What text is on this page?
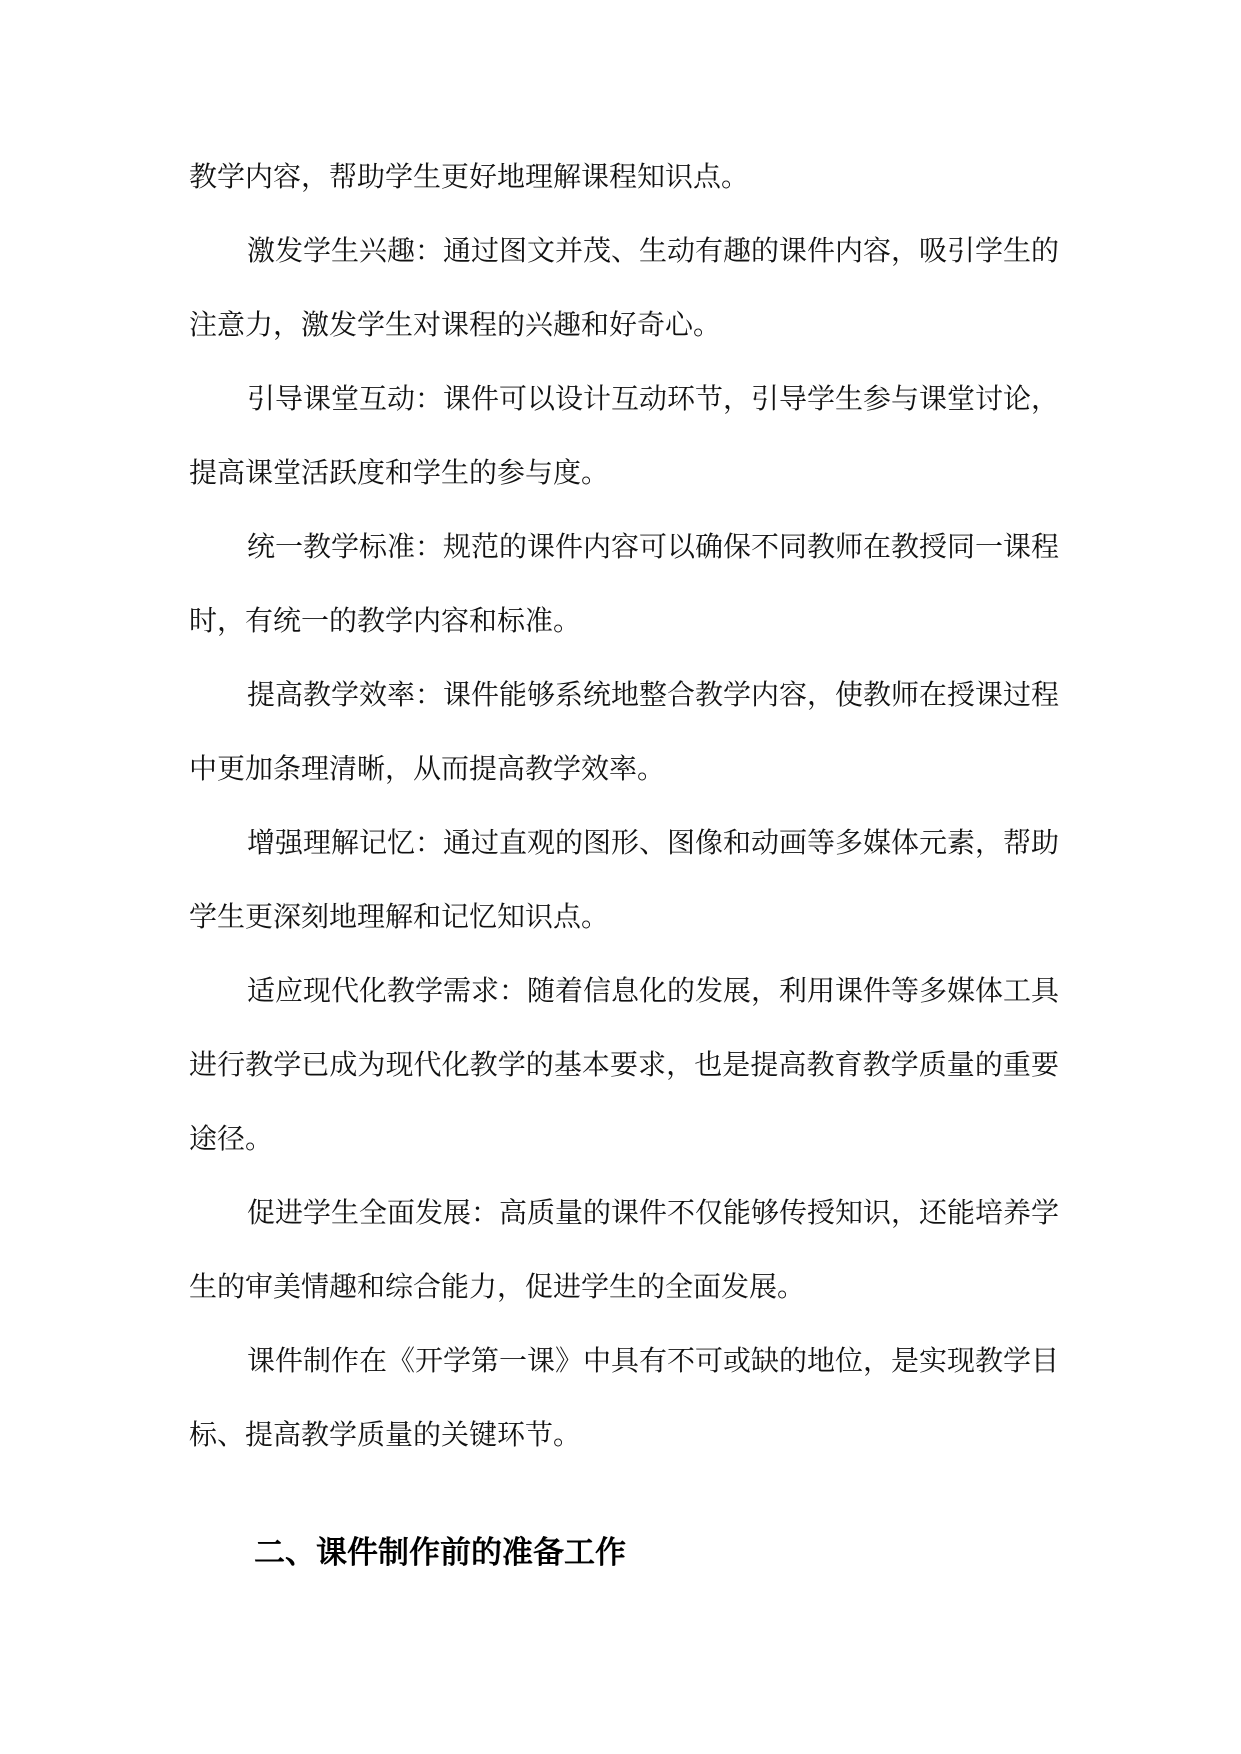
教学内容，帮助学生更好地理解课程知识点。

激发学生兴趣：通过图文并茂、生动有趣的课件内容，吸引学生的注意力，激发学生对课程的兴趣和好奇心。

引导课堂互动：课件可以设计互动环节，引导学生参与课堂讨论，提高课堂活跃度和学生的参与度。

统一教学标准：规范的课件内容可以确保不同教师在教授同一课程时，有统一的教学内容和标准。

提高教学效率：课件能够系统地整合教学内容，使教师在授课过程中更加条理清晰，从而提高教学效率。

增强理解记忆：通过直观的图形、图像和动画等多媒体元素，帮助学生更深刻地理解和记忆知识点。

适应现代化教学需求：随着信息化的发展，利用课件等多媒体工具进行教学已成为现代化教学的基本要求，也是提高教育教学质量的重要途径。

促进学生全面发展：高质量的课件不仅能够传授知识，还能培养学生的审美情趣和综合能力，促进学生的全面发展。

课件制作在《开学第一课》中具有不可或缺的地位，是实现教学目标、提高教学质量的关键环节。

二、课件制作前的准备工作
